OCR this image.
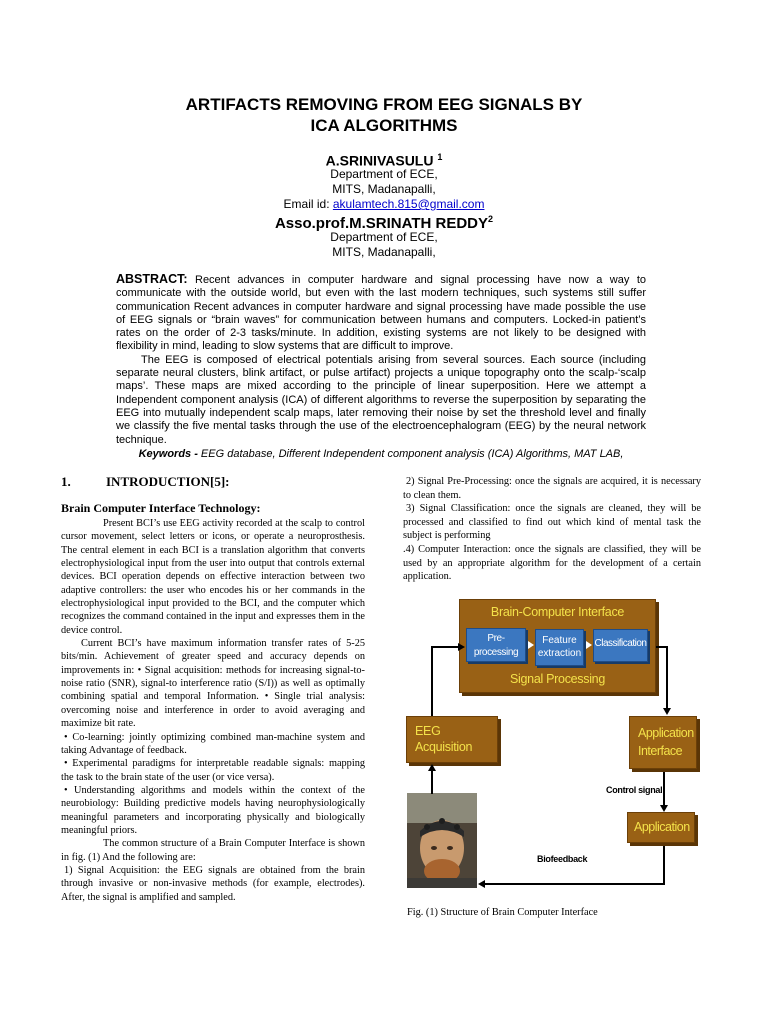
ARTIFACTS REMOVING FROM EEG SIGNALS BY
ICA ALGORITHMS
A.SRINIVASULU $^1$
Department of ECE,
MITS, Madanapalli,
Email id: akulamtech.815@gmail.com
Asso.prof.M.SRINATH REDDY$^2$
Department of ECE,
MITS, Madanapalli,

ABSTRACT: Recent advances in computer hardware and signal processing have now a way to communicate with the outside world, but even with the last modern techniques, such systems still suffer communication Recent advances in computer hardware and signal processing have made possible the use of EEG signals or “brain waves” for communication between humans and computers. Locked-in patient’s rates on the order of 2-3 tasks/minute. In addition, existing systems are not likely to be designed with flexibility in mind, leading to slow systems that are difficult to improve.

The EEG is composed of electrical potentials arising from several sources. Each source (including separate neural clusters, blink artifact, or pulse artifact) projects a unique topography onto the scalp-‘scalp maps’. These maps are mixed according to the principle of linear superposition. Here we attempt a Independent component analysis (ICA) of different algorithms to reverse the superposition by separating the EEG into mutually independent scalp maps, later removing their noise by set the threshold level and finally we classify the five mental tasks through the use of the electroencephalogram (EEG) by the neural network technique.

Keywords - EEG database, Different Independent component analysis (ICA) Algorithms, MAT LAB,

1.	INTRODUCTION[5]:

Brain Computer Interface Technology:

Present BCI’s use EEG activity recorded at the scalp to control cursor movement, select letters or icons, or operate a neuroprosthesis. The central element in each BCI is a translation algorithm that converts electrophysiological input from the user into output that controls external devices. BCI operation depends on effective interaction between two adaptive controllers: the user who encodes his or her commands in the electrophysiological input provided to the BCI, and the computer which recognizes the command contained in the input and expresses them in the device control.

Current BCI’s have maximum information transfer rates of 5-25 bits/min. Achievement of greater speed and accuracy depends on improvements in: • Signal acquisition: methods for increasing signal-to-noise ratio (SNR), signal-to interference ratio (S/I)) as well as optimally combining spatial and temporal Information. • Single trial analysis: overcoming noise and interference in order to avoid averaging and maximize bit rate.

• Co-learning: jointly optimizing combined man-machine system and taking Advantage of feedback.

• Experimental paradigms for interpretable readable signals: mapping the task to the brain state of the user (or vice versa).

• Understanding algorithms and models within the context of the neurobiology: Building predictive models having neurophysiologically meaningful parameters and incorporating physically and biologically meaningful priors.

The common structure of a Brain Computer Interface is shown in fig. (1) And the following are:

1) Signal Acquisition: the EEG signals are obtained from the brain through invasive or non-invasive methods (for example, electrodes). After, the signal is amplified and sampled.

2) Signal Pre-Processing: once the signals are acquired, it is necessary to clean them.

3) Signal Classification: once the signals are cleaned, they will be processed and classified to find out which kind of mental task the subject is performing

.4) Computer Interaction: once the signals are classified, they will be used by an appropriate algorithm for the development of a certain application.

Brain-Computer Interface
Signal Processing
Pre-processing
Feature
extraction
Classification
EEG Acquisition
Application
Interface
Application
Control signal
Biofeedback
Fig. (1) Structure of Brain Computer Interface
